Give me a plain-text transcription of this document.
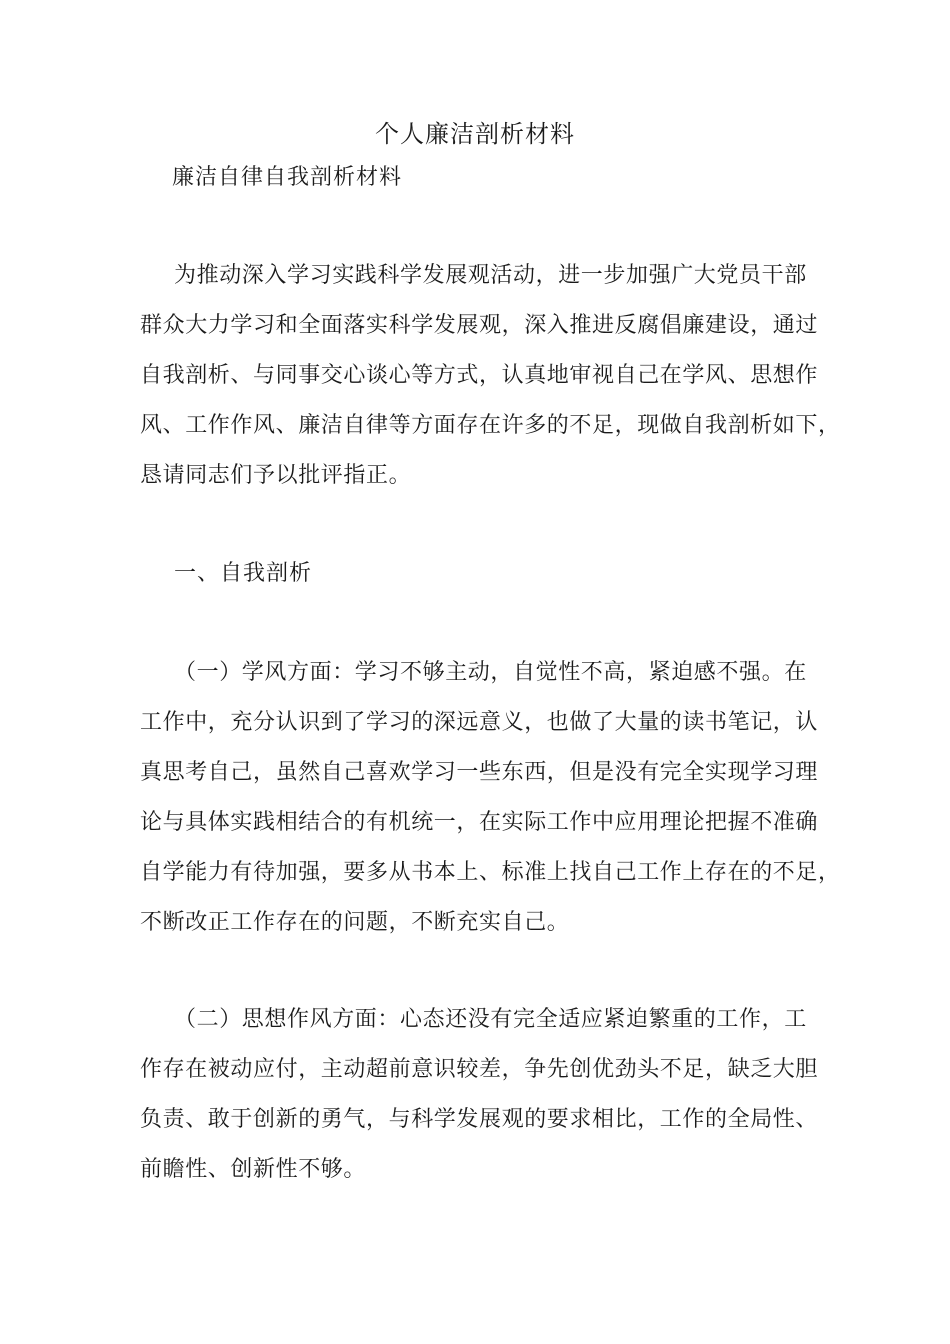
个人廉洁剖析材料
廉洁自律自我剖析材料
为推动深入学习实践科学发展观活动，进一步加强广大党员干部
群众大力学习和全面落实科学发展观，深入推进反腐倡廉建设，通过
自我剖析、与同事交心谈心等方式，认真地审视自己在学风、思想作
风、工作作风、廉洁自律等方面存在许多的不足，现做自我剖析如下，
恳请同志们予以批评指正。
一、自我剖析
（一）学风方面：学习不够主动，自觉性不高，紧迫感不强。在
工作中，充分认识到了学习的深远意义，也做了大量的读书笔记，认
真思考自己，虽然自己喜欢学习一些东西，但是没有完全实现学习理
论与具体实践相结合的有机统一，在实际工作中应用理论把握不准确
自学能力有待加强，要多从书本上、标准上找自己工作上存在的不足，
不断改正工作存在的问题，不断充实自己。
（二）思想作风方面：心态还没有完全适应紧迫繁重的工作，工
作存在被动应付，主动超前意识较差，争先创优劲头不足，缺乏大胆
负责、敢于创新的勇气，与科学发展观的要求相比，工作的全局性、
前瞻性、创新性不够。
